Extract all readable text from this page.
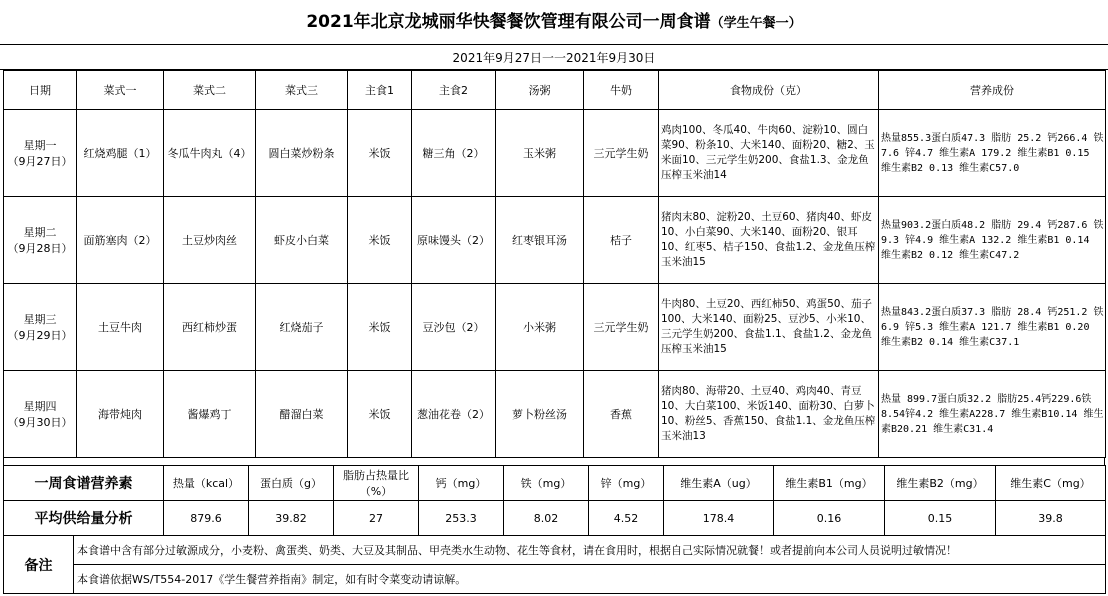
2021年北京龙城丽华快餐餐饮管理有限公司一周食谱（学生午餐一）
2021年9月27日一一2021年9月30日
日期	菜式一	菜式二	菜式三	主食1	主食2	汤粥	牛奶	食物成份（克）	营养成份

星期一
（9月27日）	红烧鸡腿（1）	冬瓜牛肉丸（4）	圆白菜炒粉条	米饭	糖三角（2）	玉米粥	三元学生奶	鸡肉100、冬瓜40、牛肉60、淀粉10、圆白菜90、粉条10、大米140、面粉20、糖2、玉米面10、三元学生奶200、食盐1.3、金龙鱼压榨玉米油14	热量855.3蛋白质47.3 脂肪 25.2 钙266.4 铁7.6 锌4.7 维生素A 179.2 维生素B1 0.15 维生素B2 0.13 维生素C57.0

星期二
（9月28日）	面筋塞肉（2）	土豆炒肉丝	虾皮小白菜	米饭	原味馒头（2）	红枣银耳汤	桔子	猪肉末80、淀粉20、土豆60、猪肉40、虾皮10、小白菜90、大米140、面粉20、银耳10、红枣5、桔子150、食盐1.2、金龙鱼压榨玉米油15	热量903.2蛋白质48.2 脂肪 29.4 钙287.6 铁9.3 锌4.9 维生素A 132.2 维生素B1 0.14 维生素B2 0.12 维生素C47.2

星期三
（9月29日）	土豆牛肉	西红柿炒蛋	红烧茄子	米饭	豆沙包（2）	小米粥	三元学生奶	牛肉80、土豆20、西红柿50、鸡蛋50、茄子100、大米140、面粉25、豆沙5、小米10、三元学生奶200、食盐1.1、食盐1.2、金龙鱼压榨玉米油15	热量843.2蛋白质37.3 脂肪 28.4 钙251.2 铁6.9 锌5.3 维生素A 121.7 维生素B1 0.20 维生素B2 0.14 维生素C37.1

星期四
（9月30日）	海带炖肉	酱爆鸡丁	醋溜白菜	米饭	葱油花卷（2）	萝卜粉丝汤	香蕉	猪肉80、海带20、土豆40、鸡肉40、青豆10、大白菜100、米饭140、面粉30、白萝卜10、粉丝5、香蕉150、食盐1.1、金龙鱼压榨玉米油13	热量 899.7蛋白质32.2 脂肪25.4钙229.6铁8.54锌4.2 维生素A228.7 维生素B10.14 维生素B20.21 维生素C31.4
一周食谱营养素	热量（kcal）	蛋白质（g）	脂肪占热量比（%）	钙（mg）	铁（mg）	锌（mg）	维生素A（ug）	维生素B1（mg）	维生素B2（mg）	维生素C（mg）
平均供给量分析	879.6	39.82	27	253.3	8.02	4.52	178.4	0.16	0.15	39.8
备注	本食谱中含有部分过敏源成分，小麦粉、禽蛋类、奶类、大豆及其制品、甲壳类水生动物、花生等食材，请在食用时，根据自己实际情况就餐！或者提前向本公司人员说明过敏情况！
本食谱依据WS/T554-2017《学生餐营养指南》制定，如有时令菜变动请谅解。
